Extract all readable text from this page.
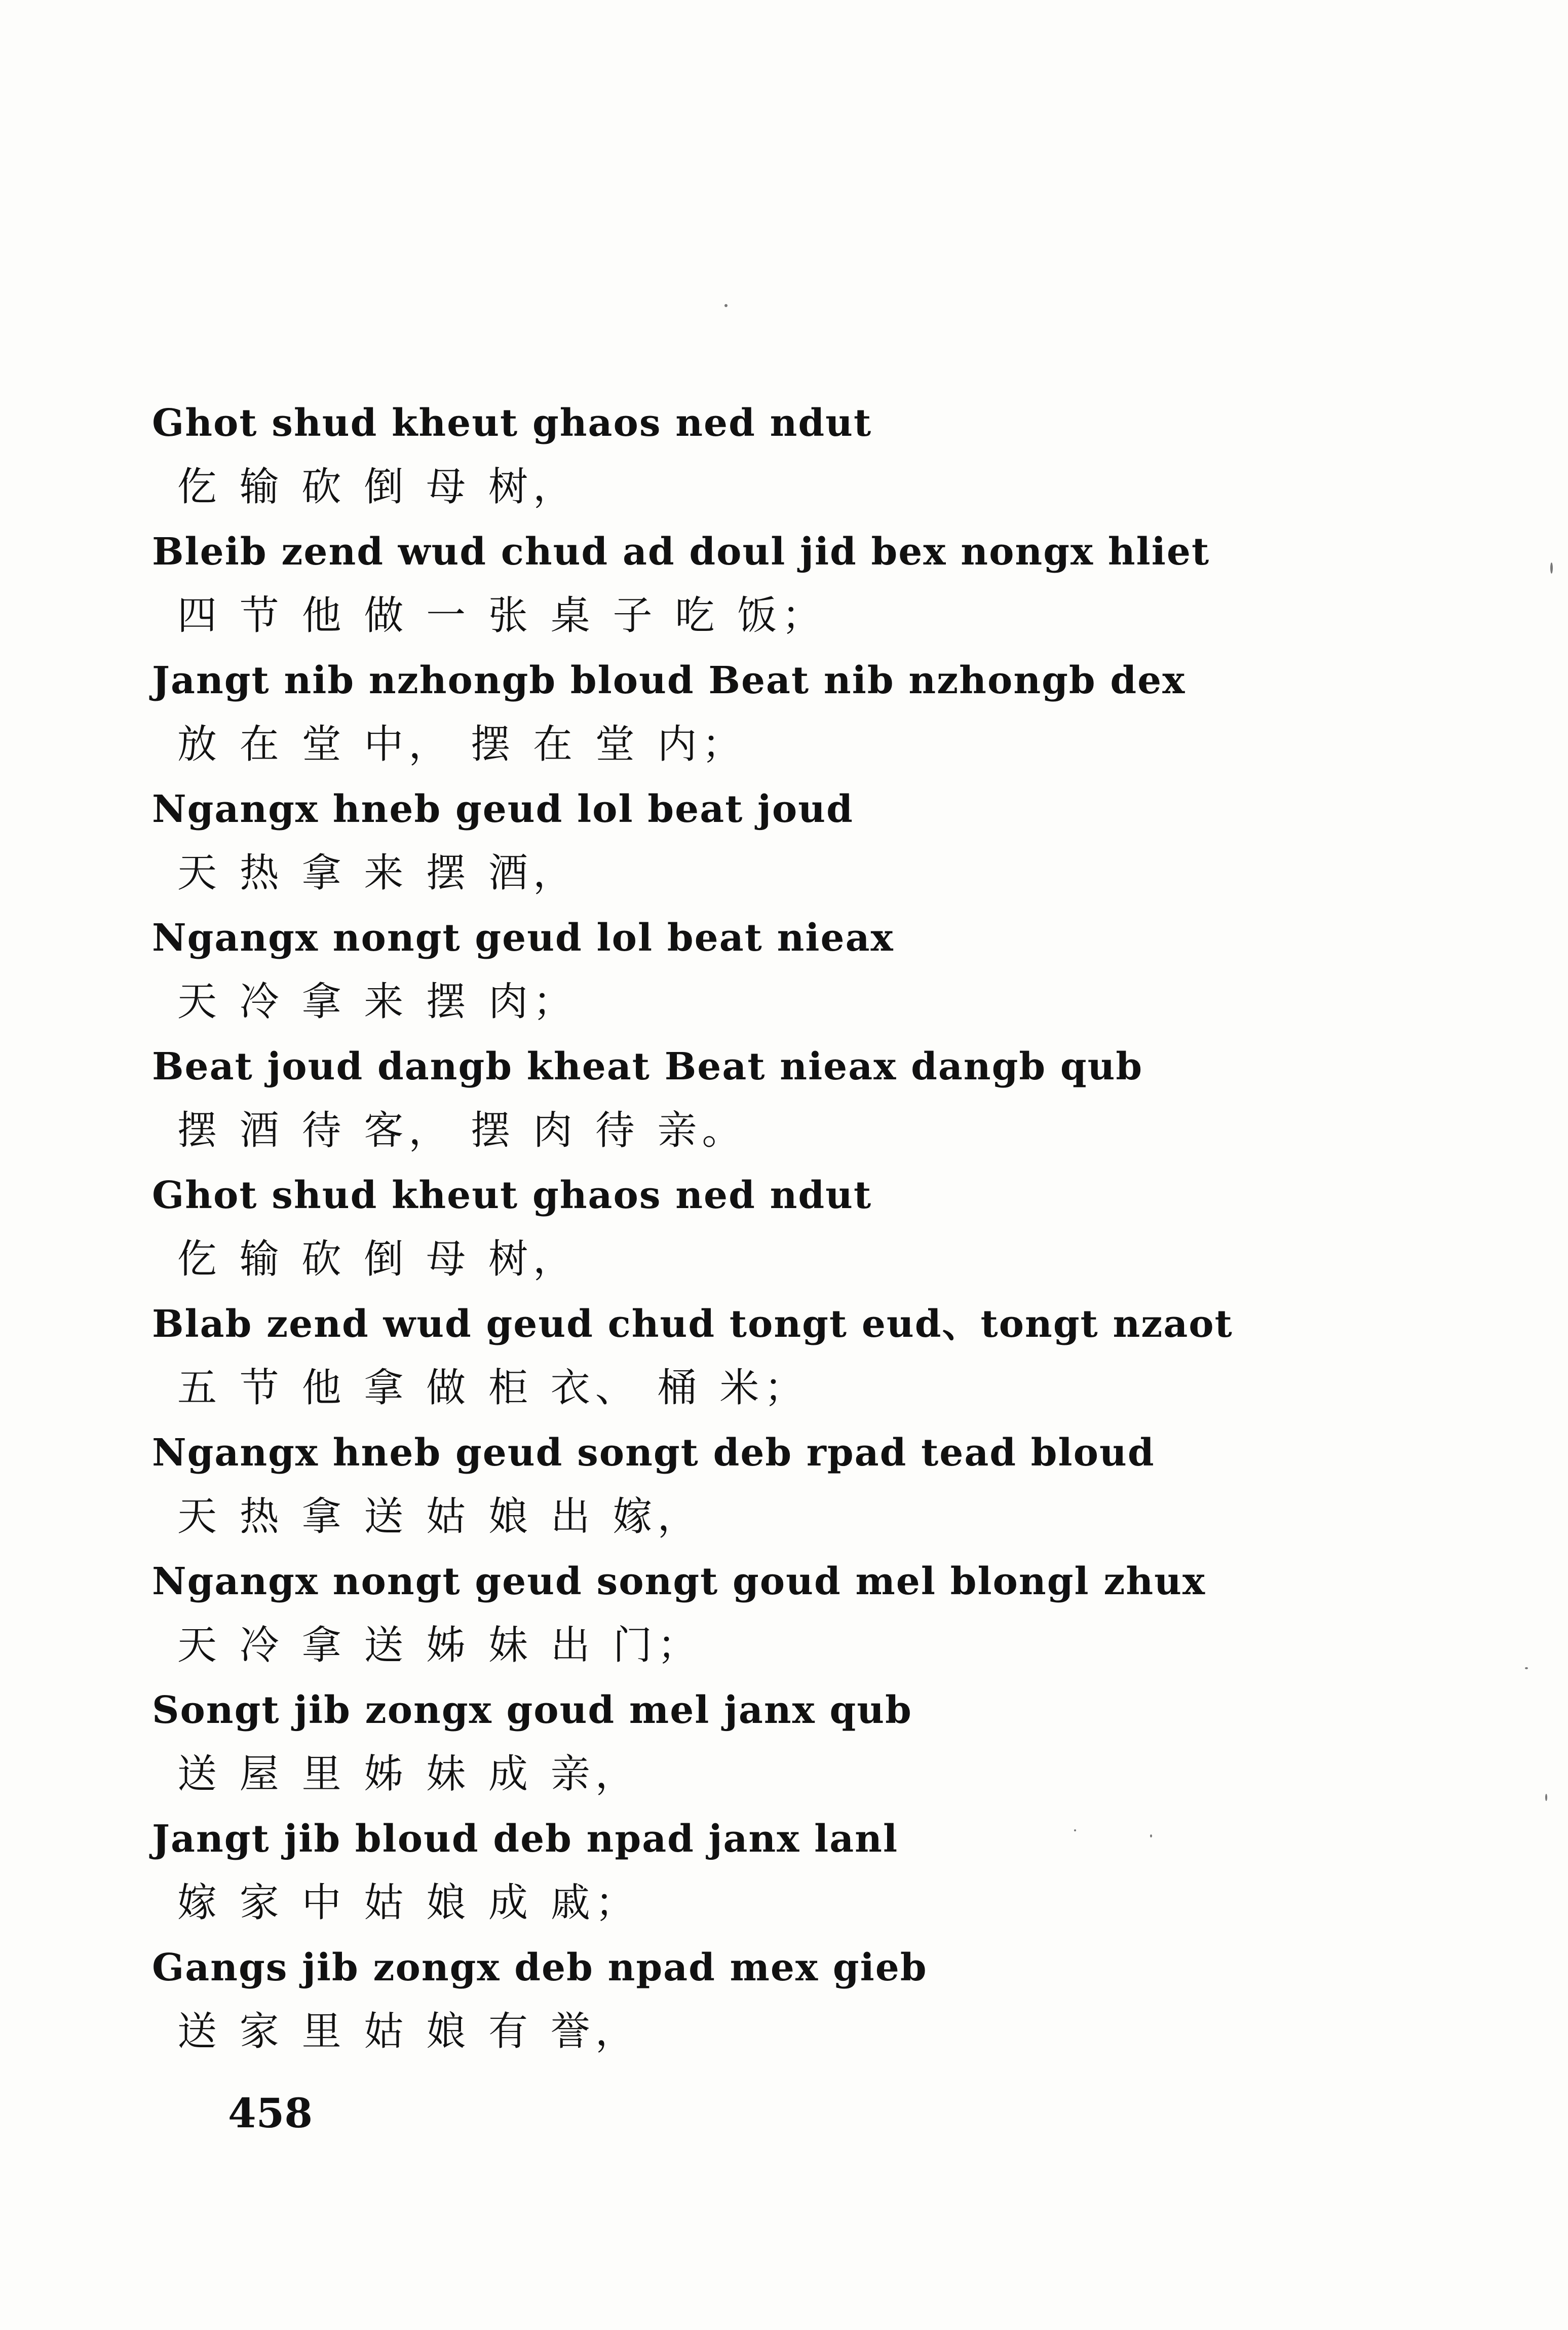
Ghot shud kheut ghaos ned ndut
仡 输 砍 倒 母 树，
Bleib zend wud chud ad doul jid bex nongx hliet
四 节 他 做 一 张 桌 子 吃 饭；
Jangt nib nzhongb bloud Beat nib nzhongb dex
放 在 堂 中， 摆 在 堂 内；
Ngangx hneb geud lol beat joud
天 热 拿 来 摆 酒，
Ngangx nongt geud lol beat nieax
天 冷 拿 来 摆 肉；
Beat joud dangb kheat Beat nieax dangb qub
摆 酒 待 客， 摆 肉 待 亲。
Ghot shud kheut ghaos ned ndut
仡 输 砍 倒 母 树，
Blab zend wud geud chud tongt eud、tongt nzaot
五 节 他 拿 做 柜 衣、 桶 米；
Ngangx hneb geud songt deb rpad tead bloud
天 热 拿 送 姑 娘 出 嫁，
Ngangx nongt geud songt goud mel blongl zhux
天 冷 拿 送 姊 妹 出 门；
Songt jib zongx goud mel janx qub
送 屋 里 姊 妹 成 亲，
Jangt jib bloud deb npad janx lanl
嫁 家 中 姑 娘 成 戚；
Gangs jib zongx deb npad mex gieb
送 家 里 姑 娘 有 誉，
458
